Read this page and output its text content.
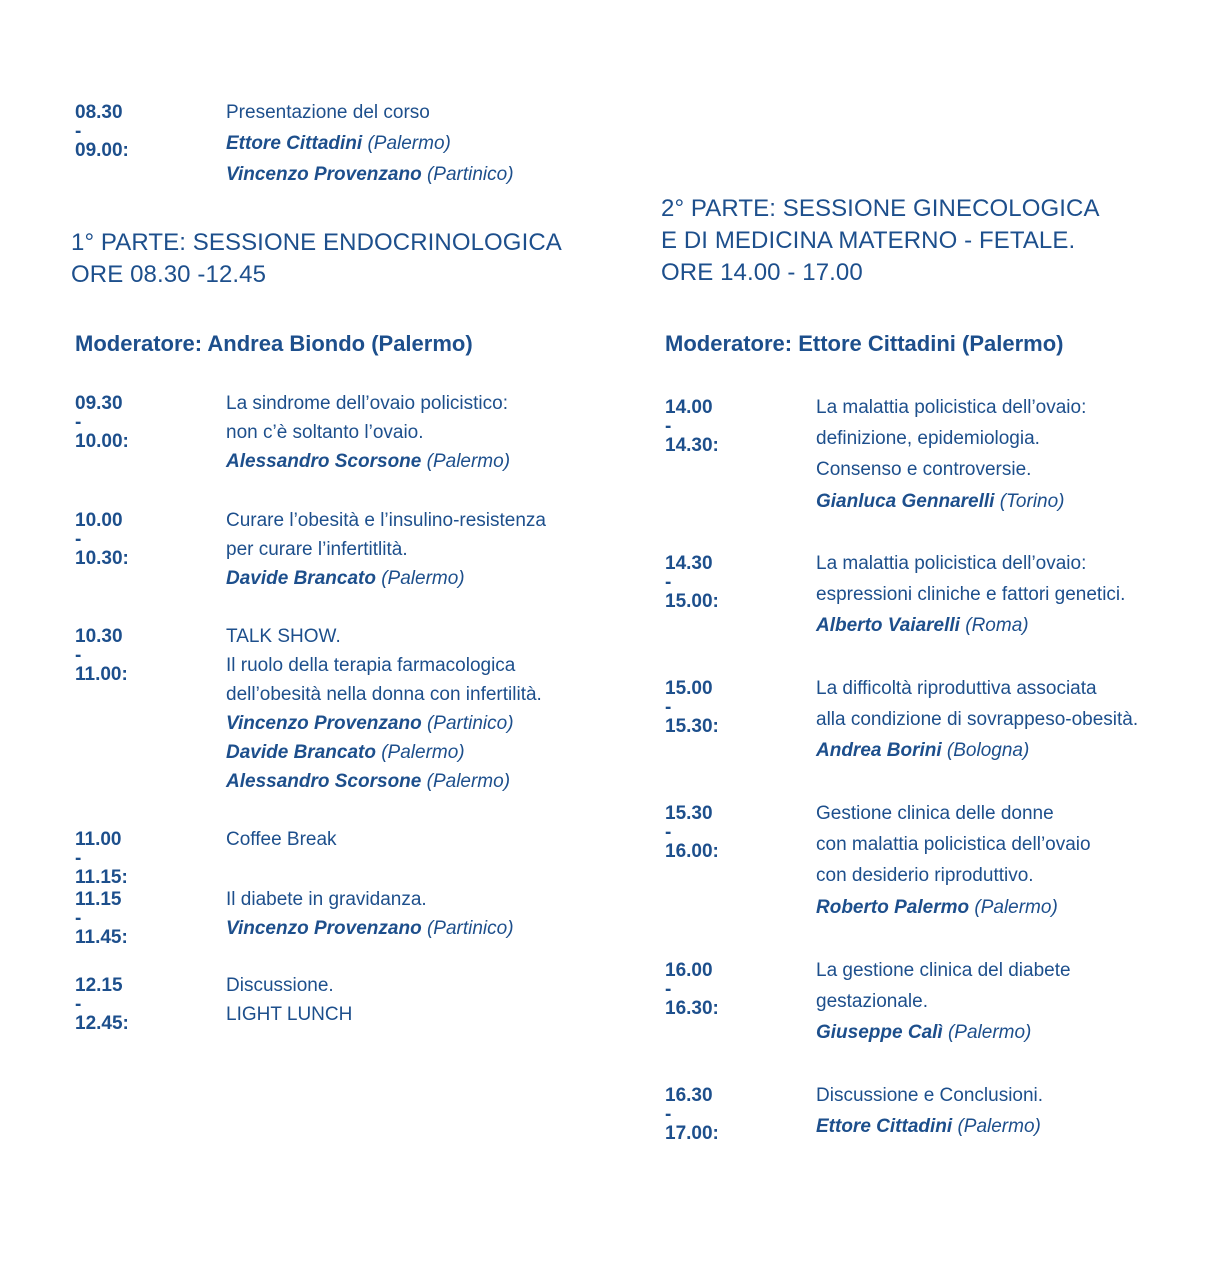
08.30 - 09.00:
Presentazione del corso
Ettore Cittadini (Palermo)
Vincenzo Provenzano (Partinico)
1° PARTE: SESSIONE ENDOCRINOLOGICA
ORE 08.30 -12.45
Moderatore: Andrea Biondo (Palermo)
09.30 - 10.00:
La sindrome dell’ovaio policistico:
non c’è soltanto l’ovaio.
Alessandro Scorsone (Palermo)
10.00 - 10.30:
Curare l’obesità e l’insulino-resistenza
per curare l’infertitlità.
Davide Brancato (Palermo)
10.30 - 11.00:
TALK SHOW.
Il ruolo della terapia farmacologica
dell’obesità nella donna con infertilità.
Vincenzo Provenzano (Partinico)
Davide Brancato (Palermo)
Alessandro Scorsone (Palermo)
11.00 - 11.15:
Coffee Break
11.15 - 11.45:
Il diabete in gravidanza.
Vincenzo Provenzano (Partinico)
12.15 - 12.45:
Discussione.
LIGHT LUNCH
2° PARTE: SESSIONE GINECOLOGICA
E DI MEDICINA MATERNO - FETALE.
ORE 14.00 - 17.00
Moderatore: Ettore Cittadini (Palermo)
14.00 - 14.30:
La malattia policistica dell’ovaio:
definizione, epidemiologia.
Consenso e controversie.
Gianluca Gennarelli (Torino)
14.30 - 15.00:
La malattia policistica dell’ovaio:
espressioni cliniche e fattori genetici.
Alberto Vaiarelli (Roma)
15.00 - 15.30:
La difficoltà riproduttiva associata
alla condizione di sovrappeso-obesità.
Andrea Borini (Bologna)
15.30 - 16.00:
Gestione clinica delle donne
con malattia policistica dell’ovaio
con desiderio riproduttivo.
Roberto Palermo (Palermo)
16.00 - 16.30:
La gestione clinica del diabete
gestazionale.
Giuseppe Calì (Palermo)
16.30 - 17.00:
Discussione e Conclusioni.
Ettore Cittadini (Palermo)
